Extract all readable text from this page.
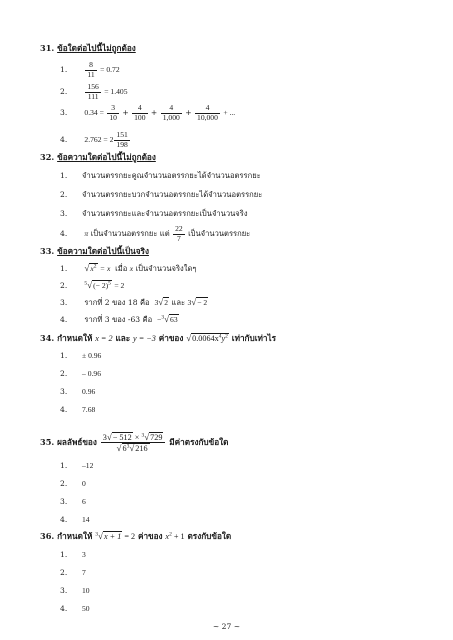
31. ข้อใดต่อไปนี้ไม่ถูกต้อง
1. $\frac{8}{11} = 0.72$
2. $\frac{156}{111} = 1.405$
3. $0.34 = \frac{3}{10} + \frac{4}{100} + \frac{4}{1,000} + \frac{4}{10,000}$ + ...
4. $2.762 = 2 \frac{151}{198}$
32. ข้อความใดต่อไปนี้ไม่ถูกต้อง
1. จำนวนตรรกยะคูณจำนวนอตรรกยะได้จำนวนอตรรกยะ
2. จำนวนตรรกยะบวกจำนวนอตรรกยะได้จำนวนอตรรกยะ
3. จำนวนตรรกยะและจำนวนอตรรกยะเป็นจำนวนจริง
4. π เป็นจำนวนอตรรกยะ แต่ $\frac{22}{7}$ เป็นจำนวนตรรกยะ
33. ข้อความใดต่อไปนี้เป็นจริง
1. $√x^2 = x$ เมื่อ x เป็นจำนวนจริงใดๆ
2.	$^5√(- 2)^5 = 2$
3. รากที่ 2 ของ 18 คือ 3√2 และ 3√− 2
4. รากที่ 3 ของ -63 คือ −$^3$√63
34. กำหนดให้ x = 2 และ y = −3 ค่าของ $√0.0064x^4y^2$ เท่ากับเท่าไร
1. ± 0.96
2. – 0.96
3. 0.96
4. 7.68
35. ผลลัพธ์ของ $\frac{3√- 512 \times ^3√729}{√6^3√216}$ มีค่าตรงกับข้อใด
1. –12
2. 0
3. 6
4. 14
36. กำหนดให้ $^3$√x + 1 = 2 ค่าของ $x^2 + 1$ ตรงกับข้อใด
1. 3
2. 7
3. 10
4. 50
~ 27 ~
